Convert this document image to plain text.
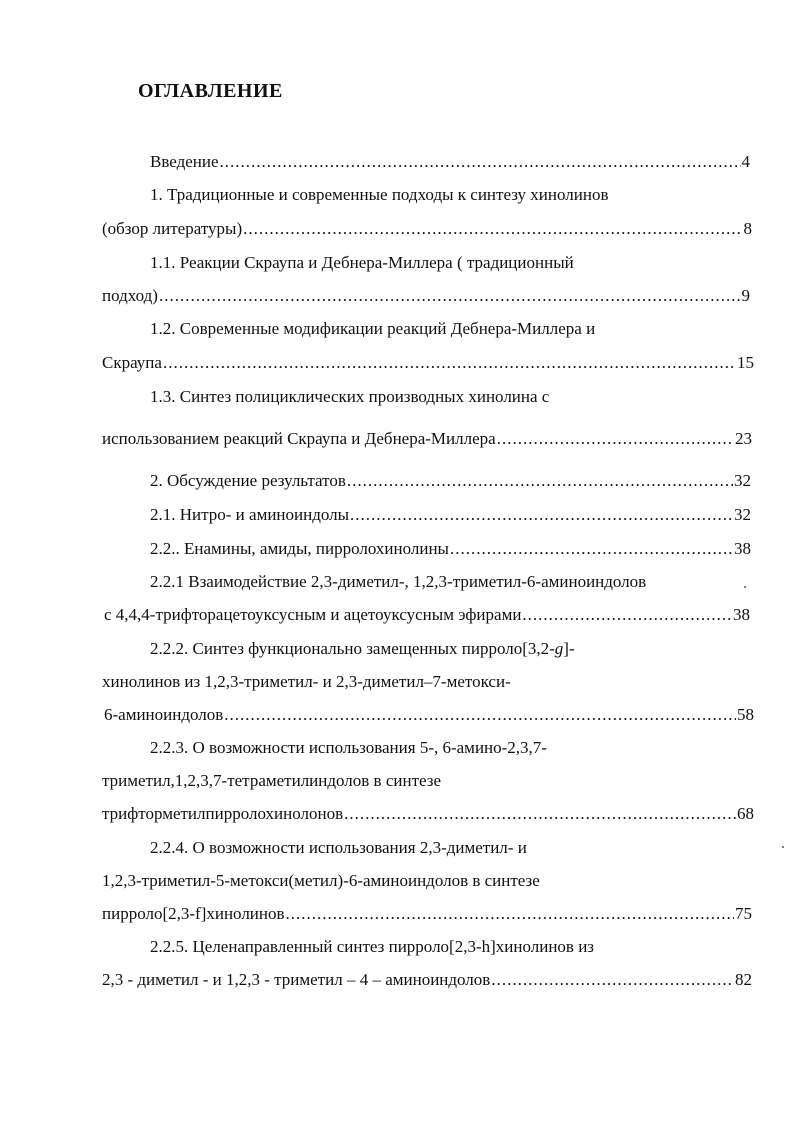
ОГЛАВЛЕНИЕ
Введение .....	4
1. Традиционные и современные подходы к синтезу хинолинов
(обзор литературы) .....	8
1.1. Реакции Скраупа и Дебнера-Миллера ( традиционный
подход) .....	9
1.2. Современные модификации реакций Дебнера-Миллера и
Скраупа .....	15
1.3. Синтез полициклических производных хинолина с
использованием реакций Скраупа и Дебнера-Миллера .....	23
2. Обсуждение результатов .....	32
2.1. Нитро- и аминоиндолы .....	32
2.2.. Енамины, амиды, пирролохинолины .....	38
2.2.1 Взаимодействие 2,3-диметил-, 1,2,3-триметил-6-аминоиндолов
с 4,4,4-трифторацетоуксусным и ацетоуксусным эфирами .....	38
2.2.2. Синтез функционально замещенных пирроло[3,2-g]-
хинолинов из 1,2,3-триметил- и 2,3-диметил–7-метокси-
6-аминоиндолов .....	58
2.2.3. О возможности использования 5-, 6-амино-2,3,7-
триметил,1,2,3,7-тетраметилиндолов в синтезе
трифторметилпирролохинолонов .....	68
2.2.4. О возможности использования 2,3-диметил- и
1,2,3-триметил-5-метокси(метил)-6-аминоиндолов в синтезе
пирроло[2,3-f]хинолинов .....	75
2.2.5. Целенаправленный синтез пирроло[2,3-h]хинолинов из
2,3 - диметил - и 1,2,3 - триметил – 4 – аминоиндолов .....	82
